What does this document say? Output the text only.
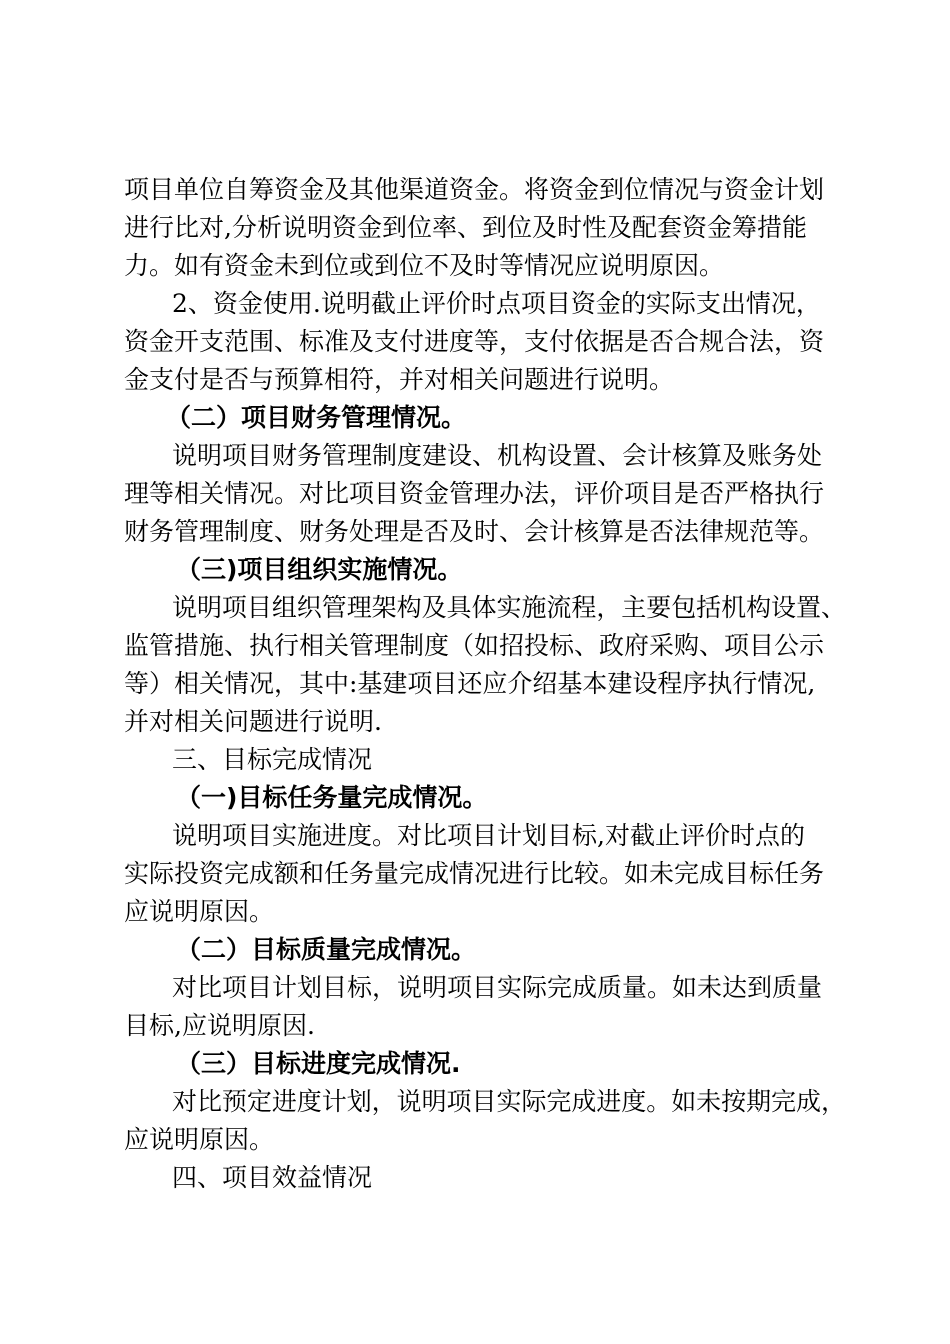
项目单位自筹资金及其他渠道资金。将资金到位情况与资金计划
进行比对,分析说明资金到位率、到位及时性及配套资金筹措能
力。如有资金未到位或到位不及时等情况应说明原因。
2、资金使用.说明截止评价时点项目资金的实际支出情况，
资金开支范围、标准及支付进度等，支付依据是否合规合法，资
金支付是否与预算相符，并对相关问题进行说明。
（二）项目财务管理情况。
说明项目财务管理制度建设、机构设置、会计核算及账务处
理等相关情况。对比项目资金管理办法，评价项目是否严格执行
财务管理制度、财务处理是否及时、会计核算是否法律规范等。
（三)项目组织实施情况。
说明项目组织管理架构及具体实施流程，主要包括机构设置、
监管措施、执行相关管理制度（如招投标、政府采购、项目公示
等）相关情况，其中:基建项目还应介绍基本建设程序执行情况,
并对相关问题进行说明.
三、目标完成情况
（一)目标任务量完成情况。
说明项目实施进度。对比项目计划目标,对截止评价时点的
实际投资完成额和任务量完成情况进行比较。如未完成目标任务
应说明原因。
（二）目标质量完成情况。
对比项目计划目标，说明项目实际完成质量。如未达到质量
目标,应说明原因.
（三）目标进度完成情况.
对比预定进度计划，说明项目实际完成进度。如未按期完成，
应说明原因。
四、项目效益情况
